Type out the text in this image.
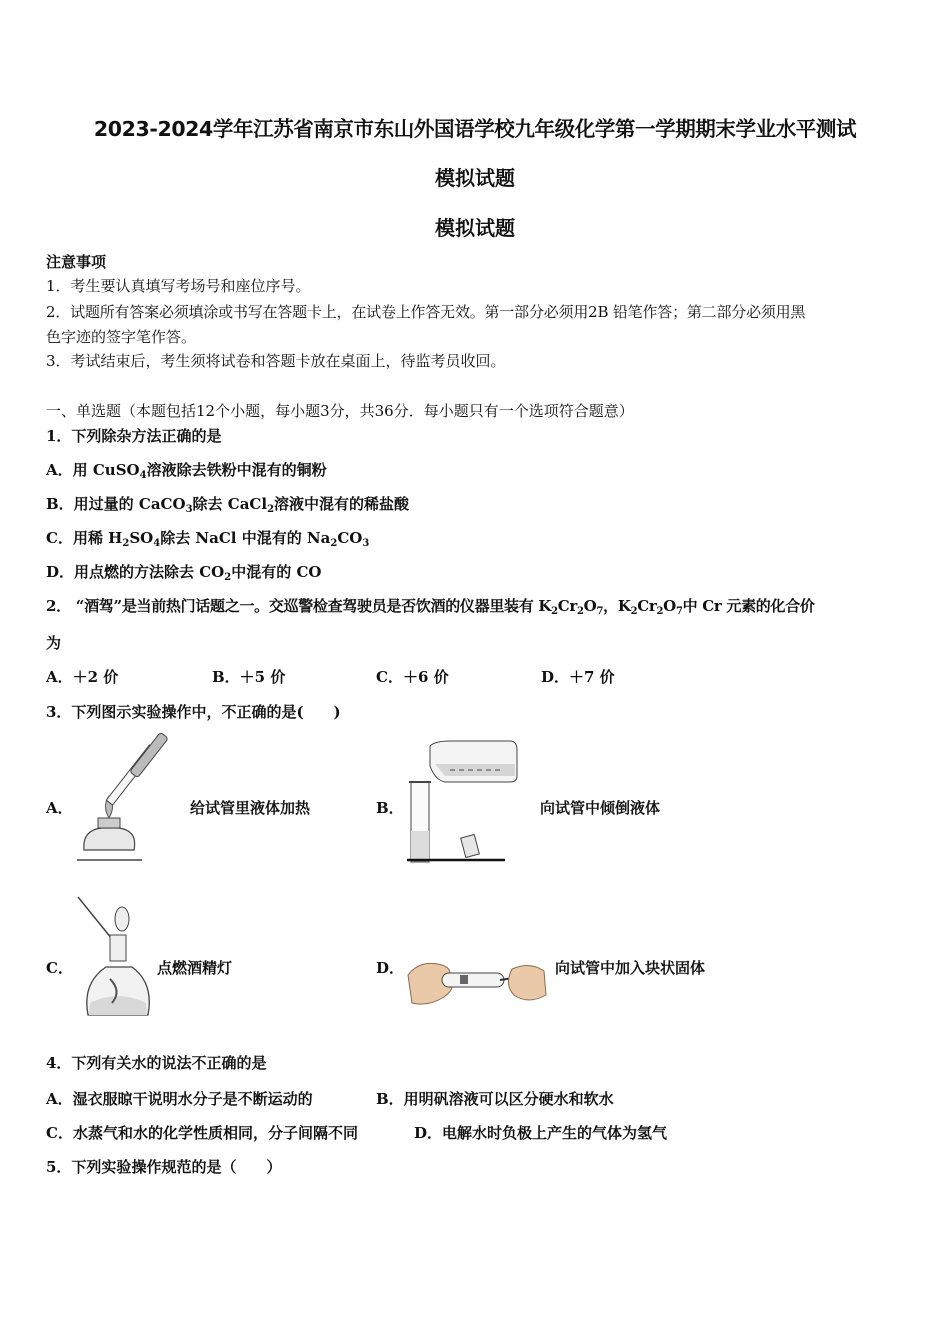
2023-2024学年江苏省南京市东山外国语学校九年级化学第一学期期末学业水平测试
模拟试题
模拟试题
注意事项
1．考生要认真填写考场号和座位序号。
2．试题所有答案必须填涂或书写在答题卡上，在试卷上作答无效。第一部分必须用2B 铅笔作答；第二部分必须用黑
色字迹的签字笔作答。
3．考试结束后，考生须将试卷和答题卡放在桌面上，待监考员收回。
一、单选题（本题包括12个小题，每小题3分，共36分．每小题只有一个选项符合题意）
1．下列除杂方法正确的是
A．用 CuSO$_4$溶液除去铁粉中混有的铜粉
B．用过量的 CaCO$_3$除去 CaCl$_2$溶液中混有的稀盐酸
C．用稀 $H_2SO_4$除去 NaCl 中混有的 $Na_2CO_3$
D．用点燃的方法除去 $CO_2$中混有的 CO
2． “酒驾”是当前热门话题之一。交巡警检查驾驶员是否饮酒的仪器里装有 $K_2Cr_2O_7$，$K_2Cr_2O_7$中 Cr 元素的化合价
为
A．＋2 价	B．＋5 价	C．＋6 价	D．＋7 价
3．下列图示实验操作中，不正确的是(　　)
A．	给试管里液体加热	B．	向试管中倾倒液体
C．	点燃酒精灯	D．	向试管中加入块状固体
4．下列有关水的说法不正确的是
A．湿衣服晾干说明水分子是不断运动的	B．用明矾溶液可以区分硬水和软水
C．水蒸气和水的化学性质相同，分子间隔不同	D．电解水时负极上产生的气体为氢气
5．下列实验操作规范的是（　　）
